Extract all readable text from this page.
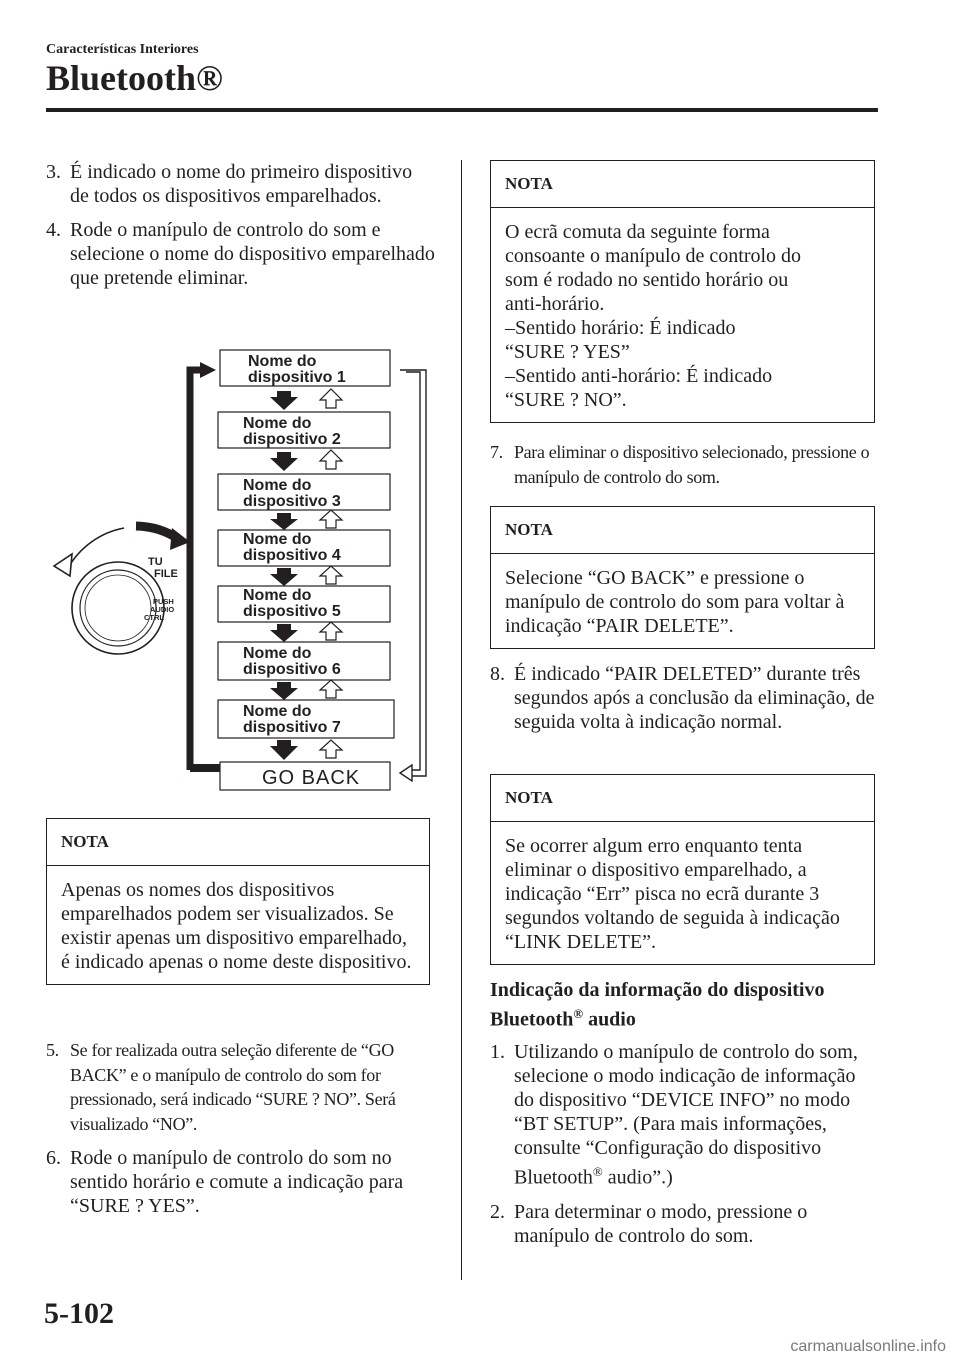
Características Interiores
Bluetooth®
3. É indicado o nome do primeiro dispositivo de todos os dispositivos emparelhados.
4. Rode o manípulo de controlo do som e selecione o nome do dispositivo emparelhado que pretende eliminar.
TU
FILE
PUSH
AUDIO
CTRL
Nome do
dispositivo 1
Nome do
dispositivo 2
Nome do
dispositivo 3
Nome do
dispositivo 4
Nome do
dispositivo 5
Nome do
dispositivo 6
Nome do
dispositivo 7
GO BACK
NOTA
Apenas os nomes dos dispositivos emparelhados podem ser visualizados. Se existir apenas um dispositivo emparelhado, é indicado apenas o nome deste dispositivo.
5. Se for realizada outra seleção diferente de “GO BACK” e o manípulo de controlo do som for pressionado, será indicado “SURE ? NO”. Será visualizado “NO”.
6. Rode o manípulo de controlo do som no sentido horário e comute a indicação para “SURE ? YES”.
NOTA
O ecrã comuta da seguinte forma
consoante o manípulo de controlo do
som é rodado no sentido horário ou
anti-horário.
–Sentido horário: É indicado
“SURE ? YES”
–Sentido anti-horário: É indicado
“SURE ? NO”.
7. Para eliminar o dispositivo selecionado, pressione o manípulo de controlo do som.
NOTA
Selecione “GO BACK” e pressione o manípulo de controlo do som para voltar à indicação “PAIR DELETE”.
8. É indicado “PAIR DELETED” durante três segundos após a conclusão da eliminação, de seguida volta à indicação normal.
NOTA
Se ocorrer algum erro enquanto tenta eliminar o dispositivo emparelhado, a indicação “Err” pisca no ecrã durante 3 segundos voltando de seguida à indicação “LINK DELETE”.
Indicação da informação do dispositivo
Bluetooth® audio
1. Utilizando o manípulo de controlo do som, selecione o modo indicação de informação do dispositivo “DEVICE INFO” no modo “BT SETUP”. (Para mais informações, consulte “Configuração do dispositivo Bluetooth® audio”.)
2. Para determinar o modo, pressione o manípulo de controlo do som.
5-102
carmanualsonline.info
